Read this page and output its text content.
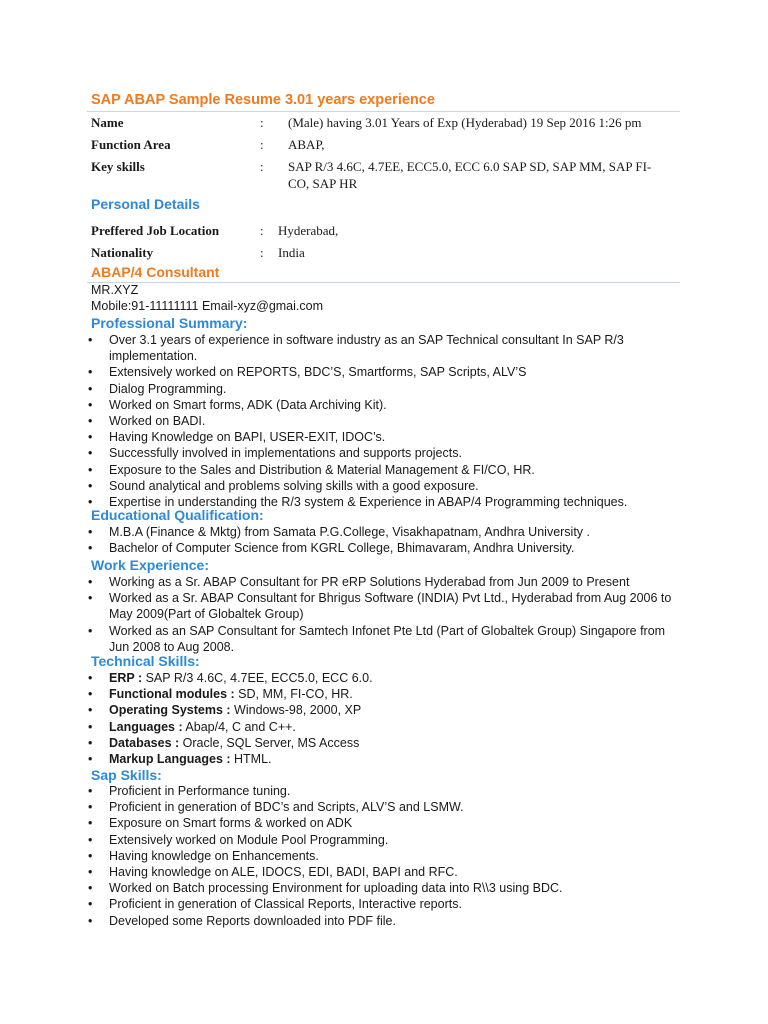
SAP ABAP Sample Resume 3.01 years experience
Name	: (Male) having 3.01 Years of Exp (Hyderabad) 19 Sep 2016 1:26 pm
Function Area	: ABAP,
Key skills	: SAP R/3 4.6C, 4.7EE, ECC5.0, ECC 6.0 SAP SD, SAP MM, SAP FI-CO, SAP HR
Personal Details
Preffered Job Location	: Hyderabad,
Nationality	: India
ABAP/4 Consultant
MR.XYZ
Mobile:91-11111111 Email-xyz@gmai.com
Professional Summary:
• Over 3.1 years of experience in software industry as an SAP Technical consultant In SAP R/3 implementation.
• Extensively worked on REPORTS, BDC’S, Smartforms, SAP Scripts, ALV’S
• Dialog Programming.
• Worked on Smart forms, ADK (Data Archiving Kit).
• Worked on BADI.
• Having Knowledge on BAPI, USER-EXIT, IDOC’s.
• Successfully involved in implementations and supports projects.
• Exposure to the Sales and Distribution & Material Management & FI/CO, HR.
• Sound analytical and problems solving skills with a good exposure.
• Expertise in understanding the R/3 system & Experience in ABAP/4 Programming techniques.
Educational Qualification:
• M.B.A (Finance & Mktg) from Samata P.G.College, Visakhapatnam, Andhra University .
• Bachelor of Computer Science from KGRL College, Bhimavaram, Andhra University.
Work Experience:
• Working as a Sr. ABAP Consultant for PR eRP Solutions Hyderabad from Jun 2009 to Present
• Worked as a Sr. ABAP Consultant for Bhrigus Software (INDIA) Pvt Ltd., Hyderabad from Aug 2006 to May 2009(Part of Globaltek Group)
• Worked as an SAP Consultant for Samtech Infonet Pte Ltd (Part of Globaltek Group) Singapore from Jun 2008 to Aug 2008.
Technical Skills:
• ERP : SAP R/3 4.6C, 4.7EE, ECC5.0, ECC 6.0.
• Functional modules : SD, MM, FI-CO, HR.
• Operating Systems : Windows-98, 2000, XP
• Languages : Abap/4, C and C++.
• Databases : Oracle, SQL Server, MS Access
• Markup Languages : HTML.
Sap Skills:
• Proficient in Performance tuning.
• Proficient in generation of BDC’s and Scripts, ALV’S and LSMW.
• Exposure on Smart forms & worked on ADK
• Extensively worked on Module Pool Programming.
• Having knowledge on Enhancements.
• Having knowledge on ALE, IDOCS, EDI, BADI, BAPI and RFC.
• Worked on Batch processing Environment for uploading data into R\\3 using BDC.
• Proficient in generation of Classical Reports, Interactive reports.
• Developed some Reports downloaded into PDF file.
